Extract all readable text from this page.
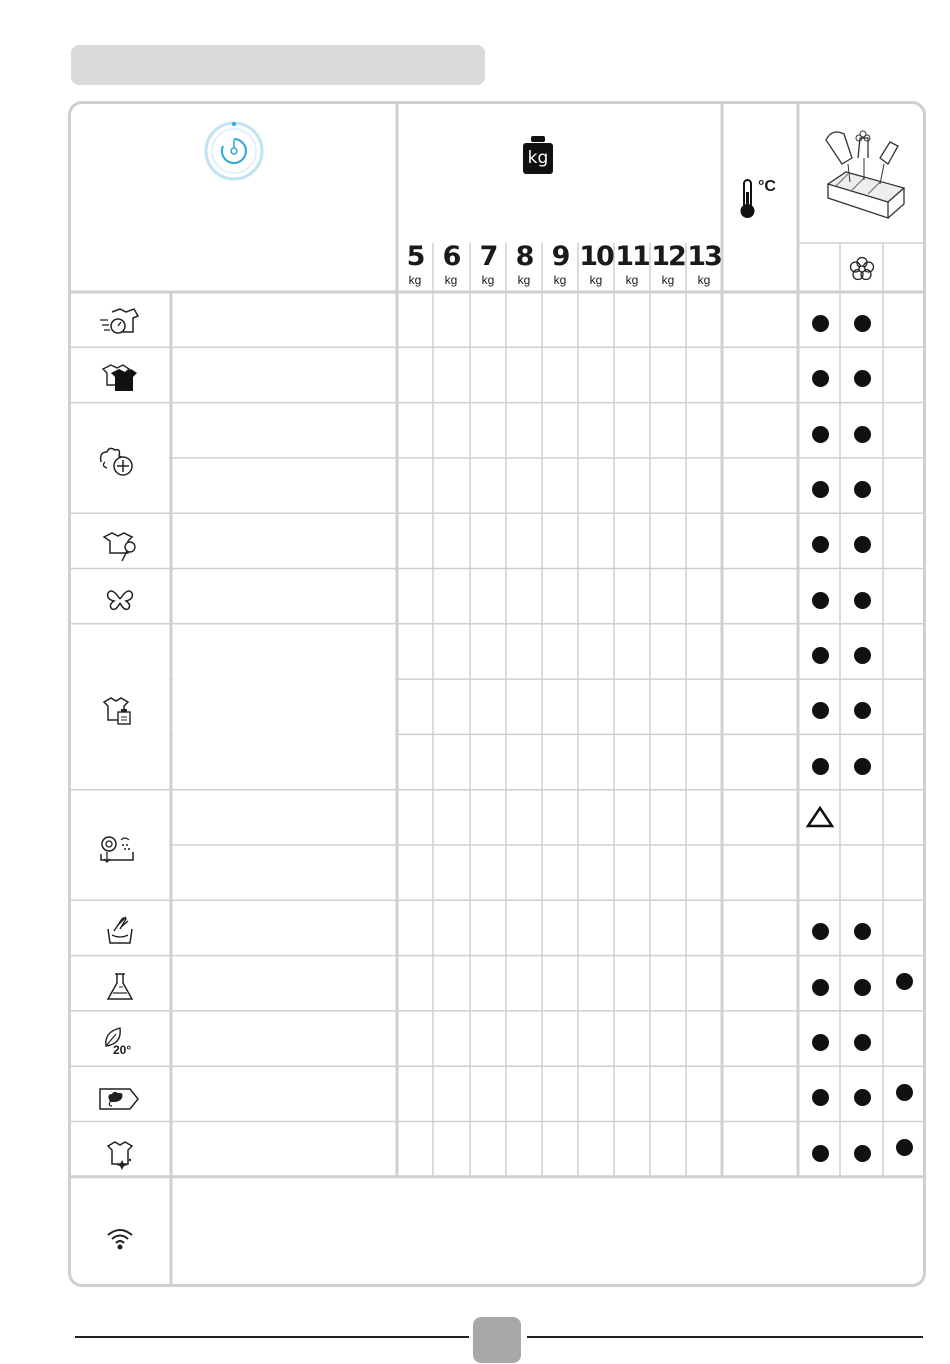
kg
°C
5
kg
6
kg
7
kg
8
kg
9
kg
10
kg
11
kg
12
kg
13
kg
20°
